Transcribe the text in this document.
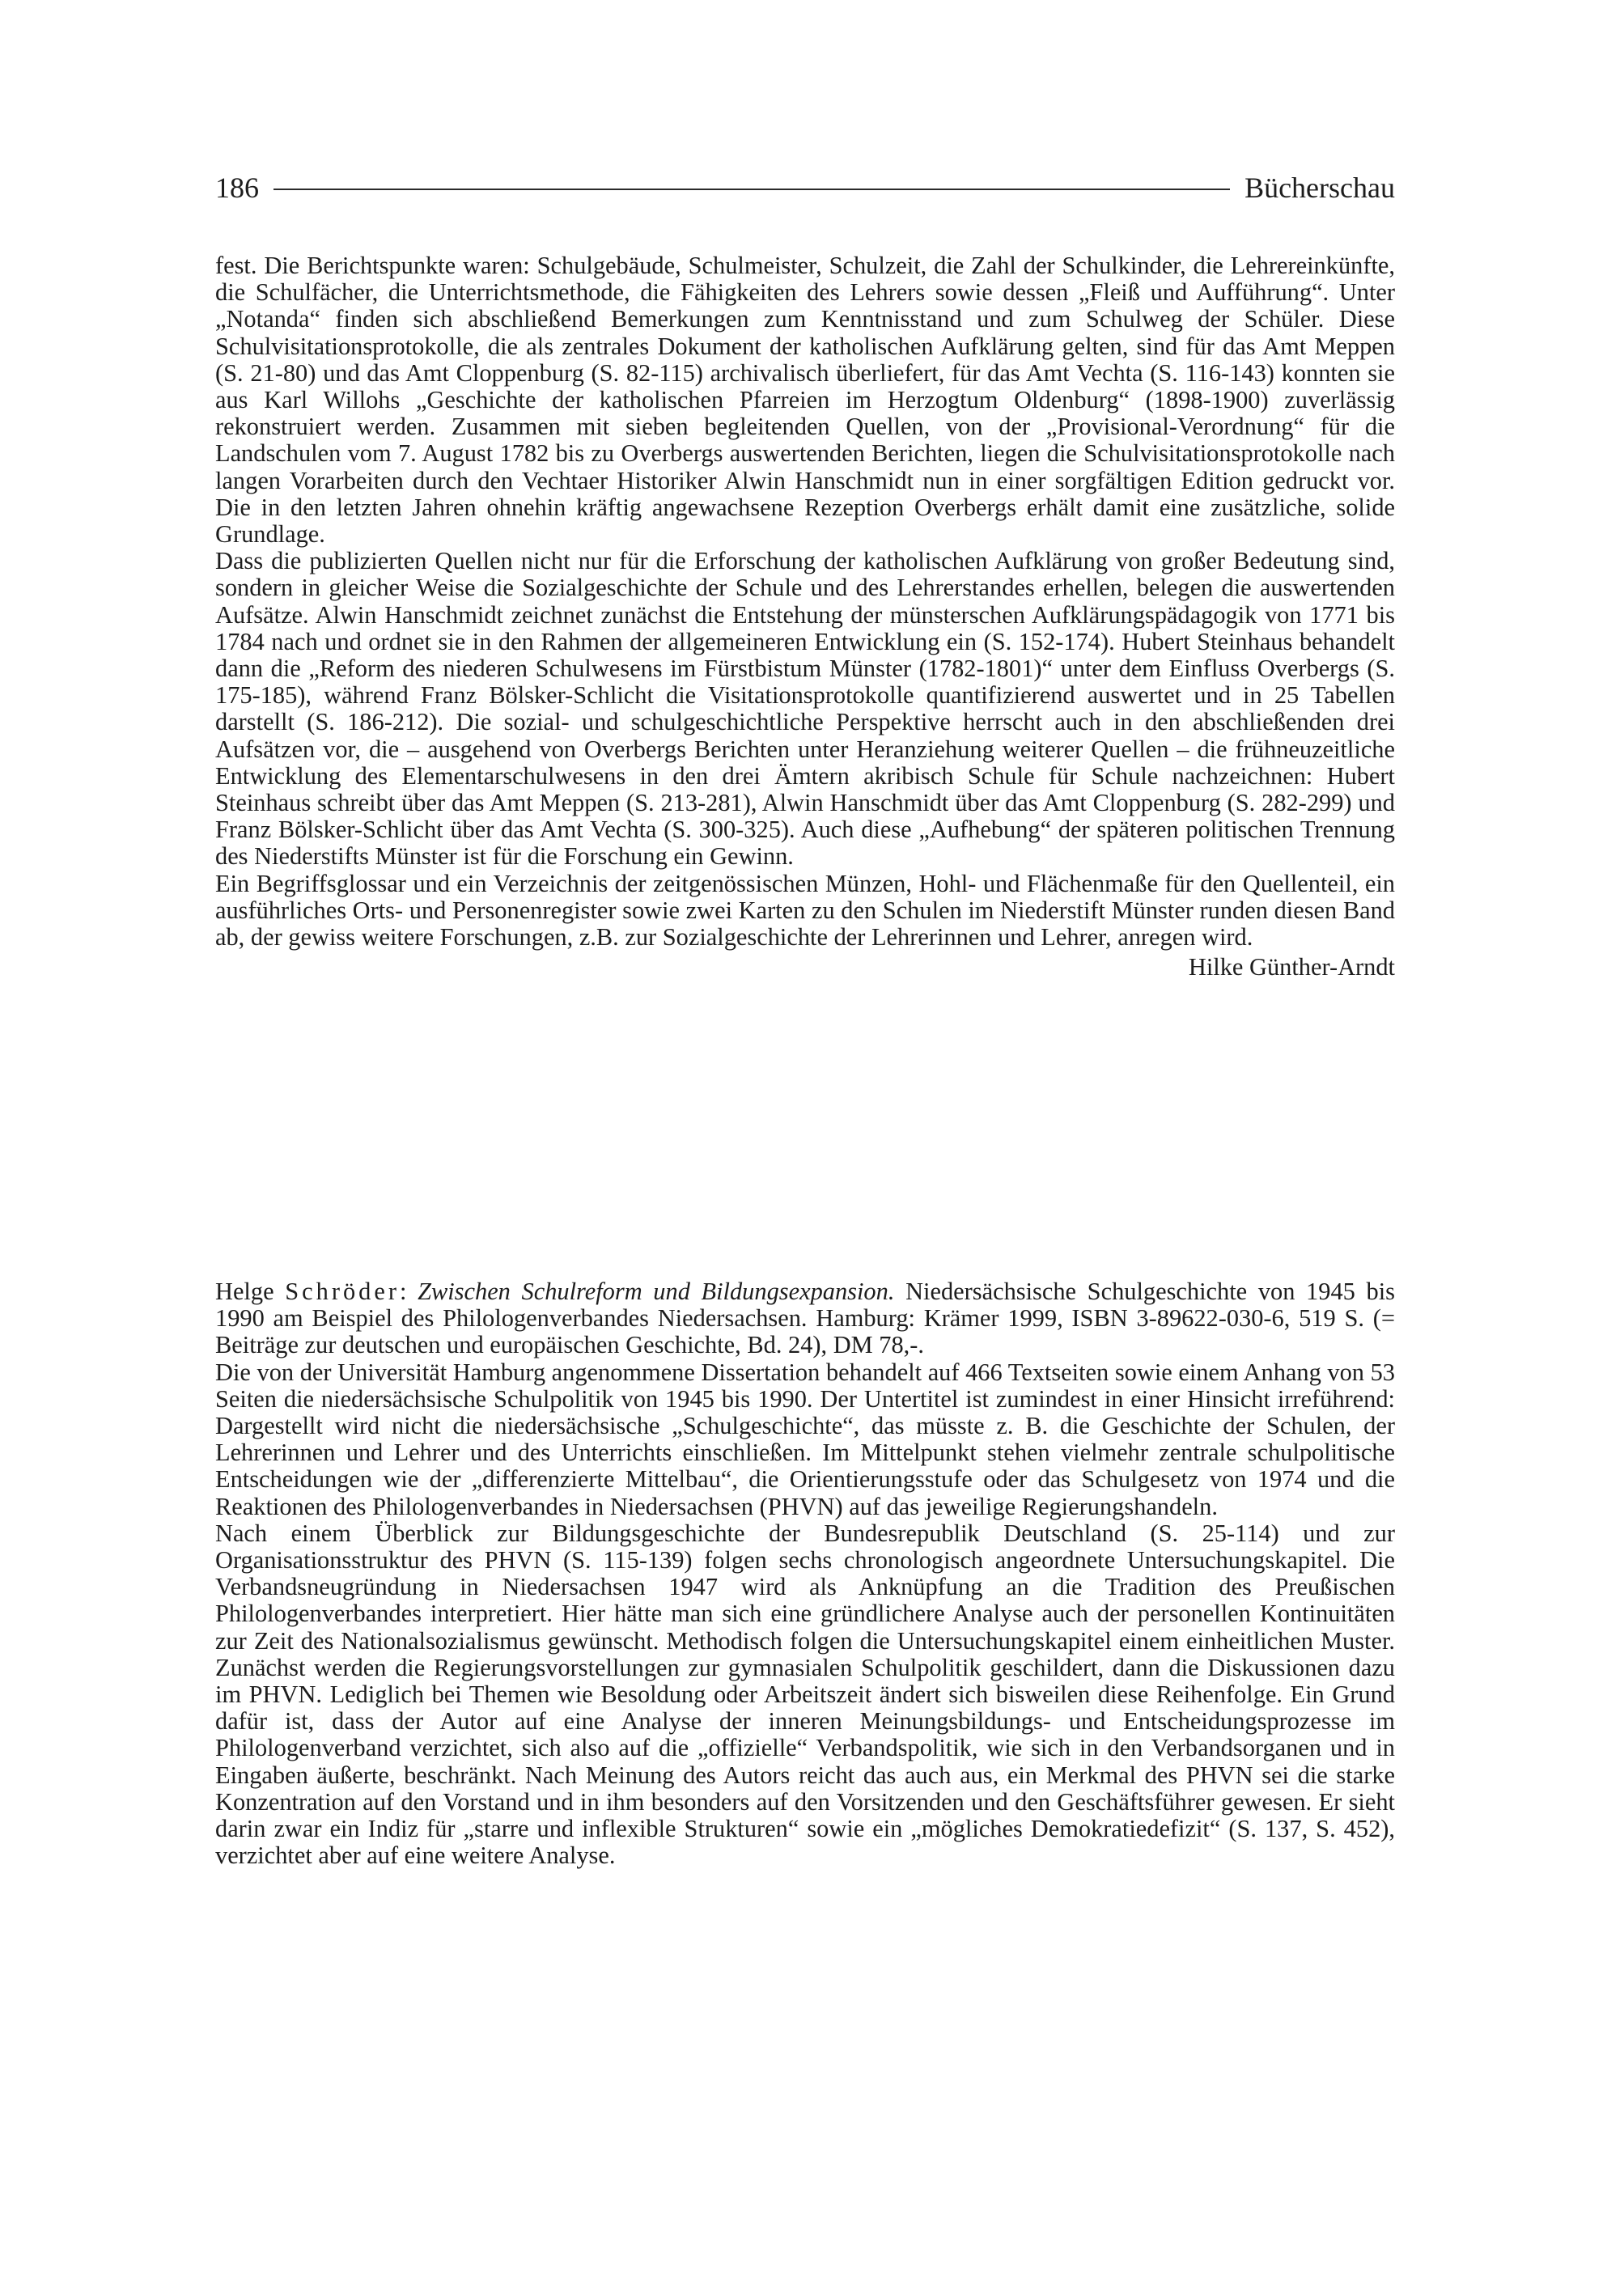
186	Bücherschau

fest. Die Berichtspunkte waren: Schulgebäude, Schulmeister, Schulzeit, die Zahl der Schulkinder, die Lehrereinkünfte, die Schulfächer, die Unterrichtsmethode, die Fähigkeiten des Lehrers sowie dessen „Fleiß und Aufführung“. Unter „Notanda“ finden sich abschließend Bemerkungen zum Kenntnisstand und zum Schulweg der Schüler. Diese Schulvisitationsprotokolle, die als zentrales Dokument der katholischen Aufklärung gelten, sind für das Amt Meppen (S. 21-80) und das Amt Cloppenburg (S. 82-115) archivalisch überliefert, für das Amt Vechta (S. 116-143) konnten sie aus Karl Willohs „Geschichte der katholischen Pfarreien im Herzogtum Oldenburg“ (1898-1900) zuverlässig rekonstruiert werden. Zusammen mit sieben begleitenden Quellen, von der „Provisional-Verordnung“ für die Landschulen vom 7. August 1782 bis zu Overbergs auswertenden Berichten, liegen die Schulvisitationsprotokolle nach langen Vorarbeiten durch den Vechtaer Historiker Alwin Hanschmidt nun in einer sorgfältigen Edition gedruckt vor. Die in den letzten Jahren ohnehin kräftig angewachsene Rezeption Overbergs erhält damit eine zusätzliche, solide Grundlage.

Dass die publizierten Quellen nicht nur für die Erforschung der katholischen Aufklärung von großer Bedeutung sind, sondern in gleicher Weise die Sozialgeschichte der Schule und des Lehrerstandes erhellen, belegen die auswertenden Aufsätze. Alwin Hanschmidt zeichnet zunächst die Entstehung der münsterschen Aufklärungspädagogik von 1771 bis 1784 nach und ordnet sie in den Rahmen der allgemeineren Entwicklung ein (S. 152-174). Hubert Steinhaus behandelt dann die „Reform des niederen Schulwesens im Fürstbistum Münster (1782-1801)“ unter dem Einfluss Overbergs (S. 175-185), während Franz Bölsker-Schlicht die Visitationsprotokolle quantifizierend auswertet und in 25 Tabellen darstellt (S. 186-212). Die sozial- und schulgeschichtliche Perspektive herrscht auch in den abschließenden drei Aufsätzen vor, die – ausgehend von Overbergs Berichten unter Heranziehung weiterer Quellen – die frühneuzeitliche Entwicklung des Elementarschulwesens in den drei Ämtern akribisch Schule für Schule nachzeichnen: Hubert Steinhaus schreibt über das Amt Meppen (S. 213-281), Alwin Hanschmidt über das Amt Cloppenburg (S. 282-299) und Franz Bölsker-Schlicht über das Amt Vechta (S. 300-325). Auch diese „Aufhebung“ der späteren politischen Trennung des Niederstifts Münster ist für die Forschung ein Gewinn.

Ein Begriffsglossar und ein Verzeichnis der zeitgenössischen Münzen, Hohl- und Flächenmaße für den Quellenteil, ein ausführliches Orts- und Personenregister sowie zwei Karten zu den Schulen im Niederstift Münster runden diesen Band ab, der gewiss weitere Forschungen, z.B. zur Sozialgeschichte der Lehrerinnen und Lehrer, anregen wird.

Hilke Günther-Arndt

Helge Schröder: Zwischen Schulreform und Bildungsexpansion. Niedersächsische Schulgeschichte von 1945 bis 1990 am Beispiel des Philologenverbandes Niedersachsen. Hamburg: Krämer 1999, ISBN 3-89622-030-6, 519 S. (= Beiträge zur deutschen und europäischen Geschichte, Bd. 24), DM 78,-.

Die von der Universität Hamburg angenommene Dissertation behandelt auf 466 Textseiten sowie einem Anhang von 53 Seiten die niedersächsische Schulpolitik von 1945 bis 1990. Der Untertitel ist zumindest in einer Hinsicht irreführend: Dargestellt wird nicht die niedersächsische „Schulgeschichte“, das müsste z. B. die Geschichte der Schulen, der Lehrerinnen und Lehrer und des Unterrichts einschließen. Im Mittelpunkt stehen vielmehr zentrale schulpolitische Entscheidungen wie der „differenzierte Mittelbau“, die Orientierungsstufe oder das Schulgesetz von 1974 und die Reaktionen des Philologenverbandes in Niedersachsen (PHVN) auf das jeweilige Regierungshandeln.

Nach einem Überblick zur Bildungsgeschichte der Bundesrepublik Deutschland (S. 25-114) und zur Organisationsstruktur des PHVN (S. 115-139) folgen sechs chronologisch angeordnete Untersuchungskapitel. Die Verbandsneugründung in Niedersachsen 1947 wird als Anknüpfung an die Tradition des Preußischen Philologenverbandes interpretiert. Hier hätte man sich eine gründlichere Analyse auch der personellen Kontinuitäten zur Zeit des Nationalsozialismus gewünscht. Methodisch folgen die Untersuchungskapitel einem einheitlichen Muster. Zunächst werden die Regierungsvorstellungen zur gymnasialen Schulpolitik geschildert, dann die Diskussionen dazu im PHVN. Lediglich bei Themen wie Besoldung oder Arbeitszeit ändert sich bisweilen diese Reihenfolge. Ein Grund dafür ist, dass der Autor auf eine Analyse der inneren Meinungsbildungs- und Entscheidungsprozesse im Philologenverband verzichtet, sich also auf die „offizielle“ Verbandspolitik, wie sich in den Verbandsorganen und in Eingaben äußerte, beschränkt. Nach Meinung des Autors reicht das auch aus, ein Merkmal des PHVN sei die starke Konzentration auf den Vorstand und in ihm besonders auf den Vorsitzenden und den Geschäftsführer gewesen. Er sieht darin zwar ein Indiz für „starre und inflexible Strukturen“ sowie ein „mögliches Demokratiedefizit“ (S. 137, S. 452), verzichtet aber auf eine weitere Analyse.
